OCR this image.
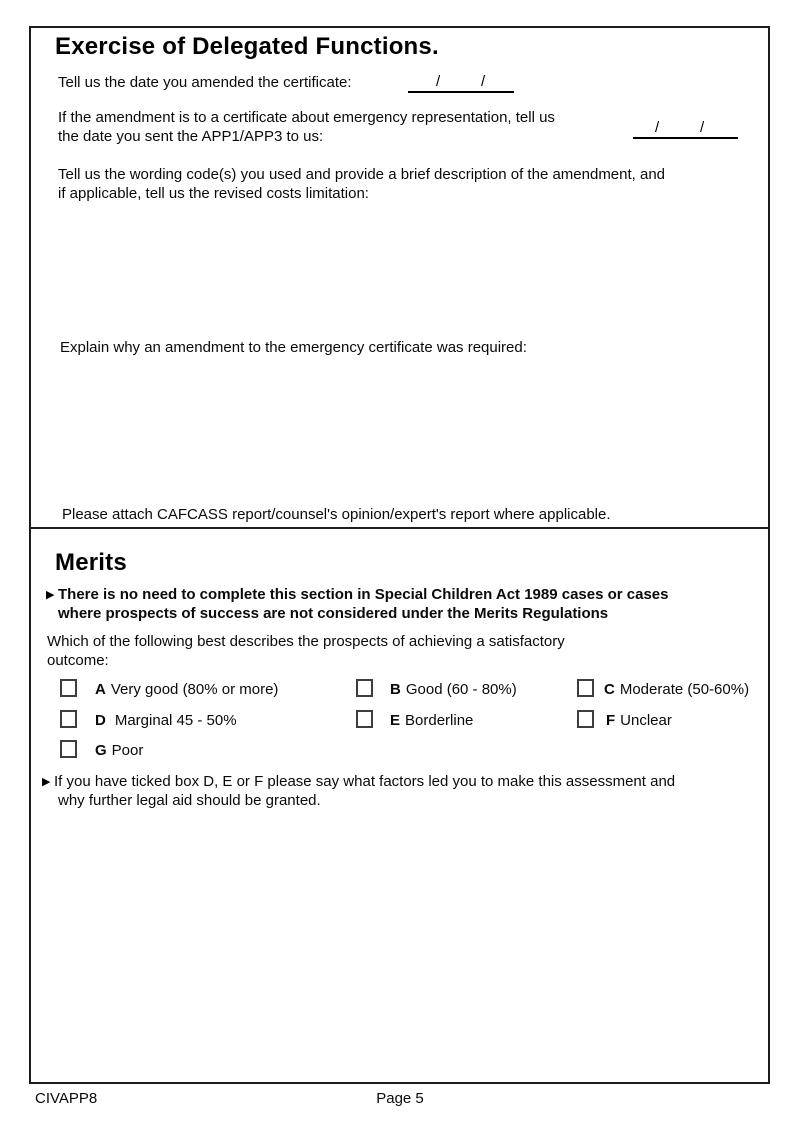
Exercise of Delegated Functions.
Tell us the date you amended the certificate:	/	/
If the amendment is to a certificate about emergency representation, tell us
the date you sent the APP1/APP3 to us:
/	/
Tell us the wording code(s) you used and provide a brief description of the amendment, and
if applicable, tell us the revised costs limitation:
Explain why an amendment to the emergency certificate was required:
Please attach CAFCASS report/counsel's opinion/expert's report where applicable.
Merits
▶ There is no need to complete this section in Special Children Act 1989 cases or cases
where prospects of success are not considered under the Merits Regulations
Which of the following best describes the prospects of achieving a satisfactory
outcome:
A Very good (80% or more)	B Good (60 - 80%)	C Moderate (50-60%)
D Marginal 45 - 50%	E Borderline	F Unclear
G Poor
▶ If you have ticked box D, E or F please say what factors led you to make this assessment and
why further legal aid should be granted.
CIVAPP8	Page 5
